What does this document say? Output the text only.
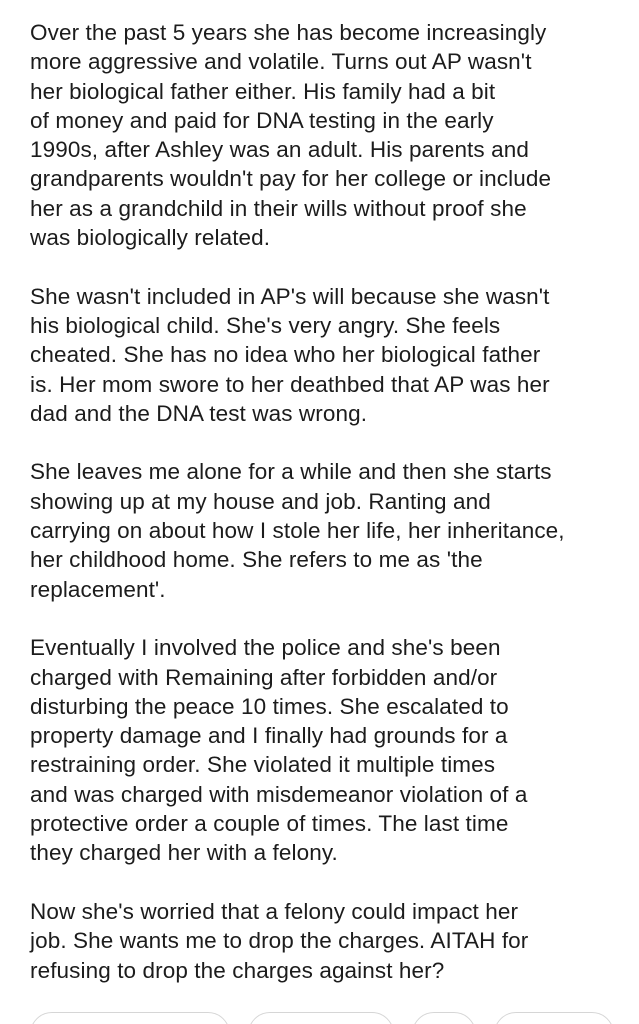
Over the past 5 years she has become increasingly
more aggressive and volatile. Turns out AP wasn't
her biological father either. His family had a bit
of money and paid for DNA testing in the early
1990s, after Ashley was an adult. His parents and
grandparents wouldn't pay for her college or include
her as a grandchild in their wills without proof she
was biologically related.

She wasn't included in AP's will because she wasn't
his biological child. She's very angry. She feels
cheated. She has no idea who her biological father
is. Her mom swore to her deathbed that AP was her
dad and the DNA test was wrong.

She leaves me alone for a while and then she starts
showing up at my house and job. Ranting and
carrying on about how I stole her life, her inheritance,
her childhood home. She refers to me as 'the
replacement'.

Eventually I involved the police and she's been
charged with Remaining after forbidden and/or
disturbing the peace 10 times. She escalated to
property damage and I finally had grounds for a
restraining order. She violated it multiple times
and was charged with misdemeanor violation of a
protective order a couple of times. The last time
they charged her with a felony.

Now she's worried that a felony could impact her
job. She wants me to drop the charges. AITAH for
refusing to drop the charges against her?
